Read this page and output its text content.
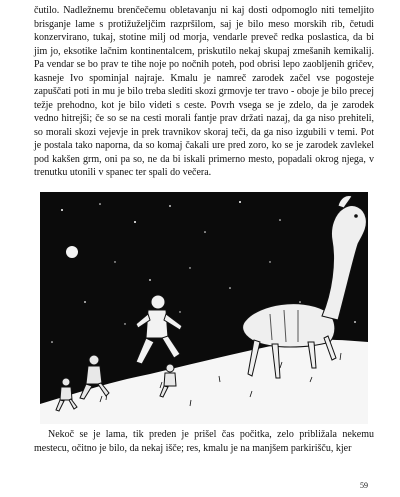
čutilo. Nadležnemu brenčečemu obletavanju ni kaj dosti odpomoglo niti temeljito brisganje lame s protižuželjčim razpršilom, saj je bilo meso morskih rib, četudi konzervirano, tukaj, stotine milj od morja, vendarle preveč redka poslastica, da bi jim jo, eksotike lačnim kontinentalcem, priskutilo nekaj skupaj zmešanih kemikalij. Pa vendar se bo prav te tihe noje po nočnih poteh, pod obrisi lepo zaobljenih gričev, kasneje Ivo spominjal najraje. Kmalu je namreč zarodek začel vse pogosteje zapuščati poti in mu je bilo treba slediti skozi grmovje ter travo - oboje je bilo precej težje prehodno, kot je bilo videti s ceste. Povrh vsega se je zdelo, da je zarodek vedno hitrejši; če so se na cesti morali fantje prav držati nazaj, da ga niso prehiteli, so morali skozi vejevje in prek travnikov skoraj teči, da ga niso izgubili v temi. Pot je postala tako naporna, da so komaj čakali ure pred zoro, ko se je zarodek zavlekel pod kakšen grm, oni pa so, ne da bi iskali primerno mesto, popadali okrog njega, v trenutku utonili v spanec ter spali do večera.

Nekoč se je lama, tik preden je prišel čas počitka, zelo približala nekemu mestecu, očitno je bilo, da nekaj išče; res, kmalu je na manjšem parkirišču, kjer

59
